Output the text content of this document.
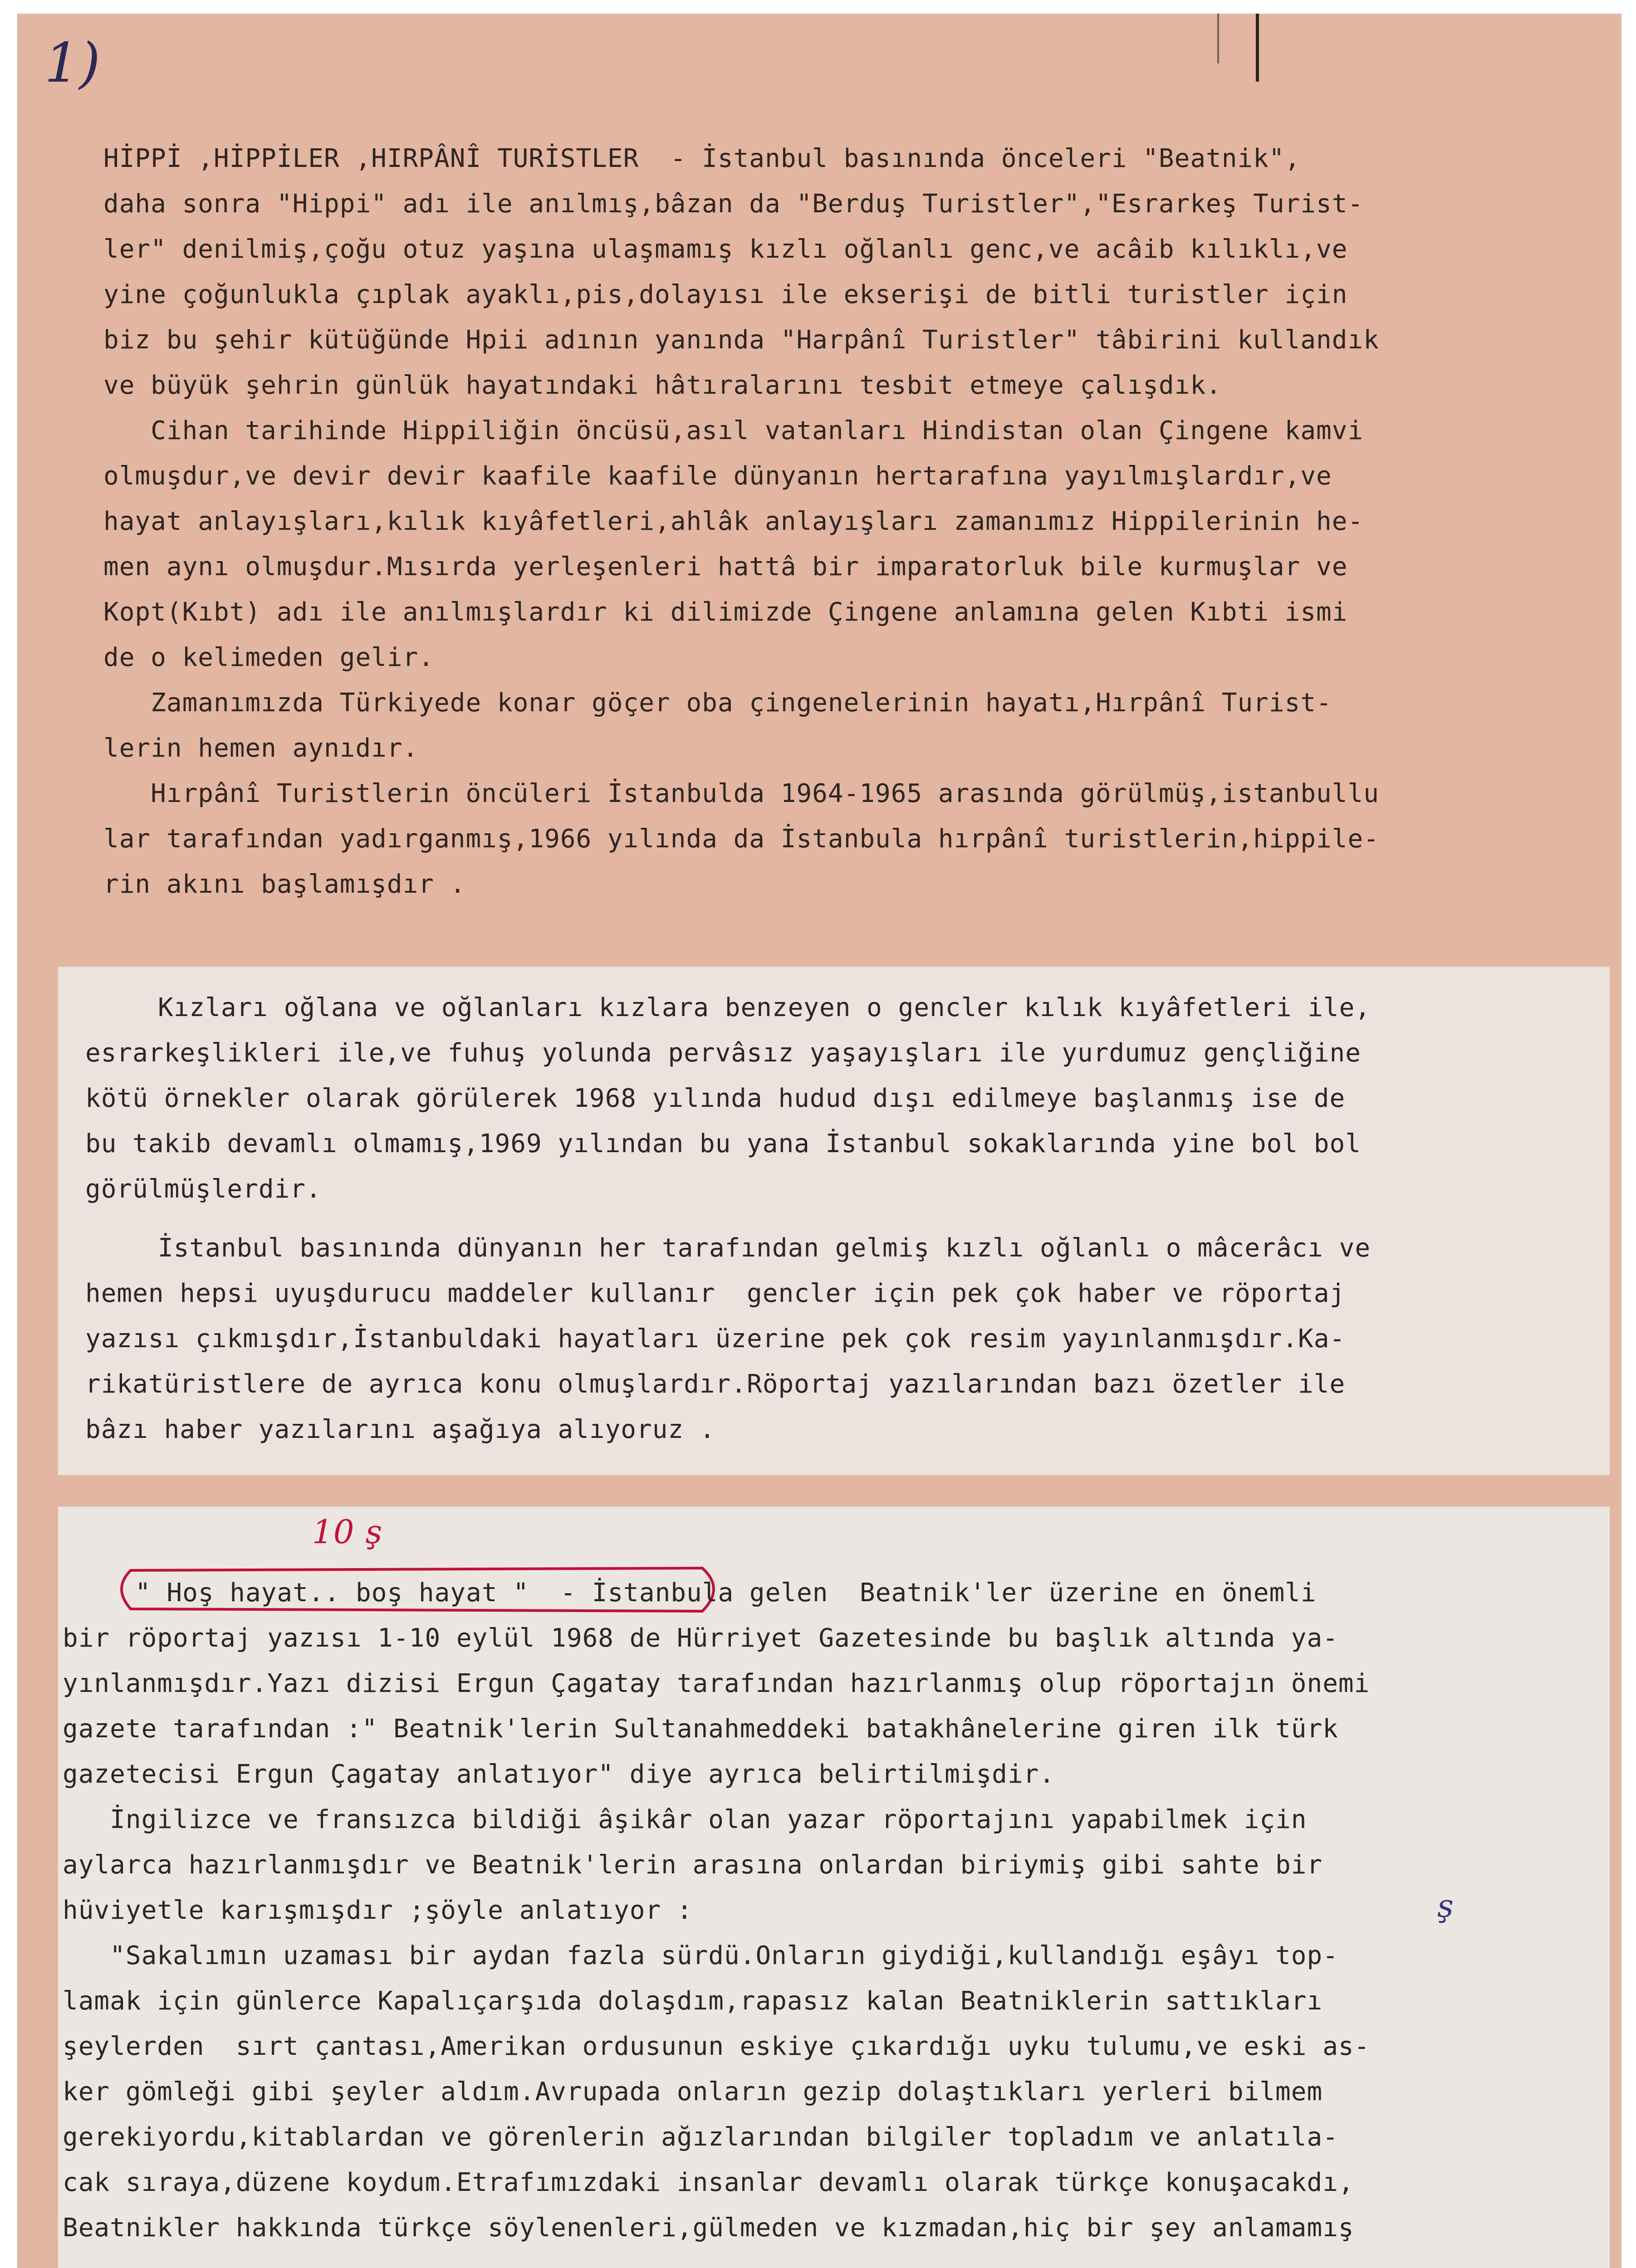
1)

HİPPİ ,HİPPİLER ,HIRPÂNÎ TURİSTLER  - İstanbul basınında önceleri "Beatnik",

daha sonra "Hippi" adı ile anılmış,bâzan da "Berduş Turistler","Esrarkeş Turist-

ler" denilmiş,çoğu otuz yaşına ulaşmamış kızlı oğlanlı genc,ve acâib kılıklı,ve

yine çoğunlukla çıplak ayaklı,pis,dolayısı ile ekserişi de bitli turistler için

biz bu şehir kütüğünde Hpii adının yanında "Harpânî Turistler" tâbirini kullandık

ve büyük şehrin günlük hayatındaki hâtıralarını tesbit etmeye çalışdık.

Cihan tarihinde Hippiliğin öncüsü,asıl vatanları Hindistan olan Çingene kamvi

olmuşdur,ve devir devir kaafile kaafile dünyanın hertarafına yayılmışlardır,ve

hayat anlayışları,kılık kıyâfetleri,ahlâk anlayışları zamanımız Hippilerinin he-

men aynı olmuşdur.Mısırda yerleşenleri hattâ bir imparatorluk bile kurmuşlar ve

Kopt(Kıbt) adı ile anılmışlardır ki dilimizde Çingene anlamına gelen Kıbti ismi

de o kelimeden gelir.

Zamanımızda Türkiyede konar göçer oba çingenelerinin hayatı,Hırpânî Turist-

lerin hemen aynıdır.

Hırpânî Turistlerin öncüleri İstanbulda 1964-1965 arasında görülmüş,istanbullu

lar tarafından yadırganmış,1966 yılında da İstanbula hırpânî turistlerin,hippile-

rin akını başlamışdır .

Kızları oğlana ve oğlanları kızlara benzeyen o gencler kılık kıyâfetleri ile,

esrarkeşlikleri ile,ve fuhuş yolunda pervâsız yaşayışları ile yurdumuz gençliğine

kötü örnekler olarak görülerek 1968 yılında hudud dışı edilmeye başlanmış ise de

bu takib devamlı olmamış,1969 yılından bu yana İstanbul sokaklarında yine bol bol

görülmüşlerdir.

İstanbul basınında dünyanın her tarafından gelmiş kızlı oğlanlı o mâcerâcı ve

hemen hepsi uyuşdurucu maddeler kullanır  gencler için pek çok haber ve röportaj

yazısı çıkmışdır,İstanbuldaki hayatları üzerine pek çok resim yayınlanmışdır.Ka-

rikatüristlere de ayrıca konu olmuşlardır.Röportaj yazılarından bazı özetler ile

bâzı haber yazılarını aşağıya alıyoruz .

10 ş
ş

" Hoş hayat.. boş hayat "  - İstanbula gelen  Beatnik'ler üzerine en önemli

bir röportaj yazısı 1-10 eylül 1968 de Hürriyet Gazetesinde bu başlık altında ya-

yınlanmışdır.Yazı dizisi Ergun Çagatay tarafından hazırlanmış olup röportajın önemi

gazete tarafından :" Beatnik'lerin Sultanahmeddeki batakhânelerine giren ilk türk

gazetecisi Ergun Çagatay anlatıyor" diye ayrıca belirtilmişdir.

İngilizce ve fransızca bildiği âşikâr olan yazar röportajını yapabilmek için

aylarca hazırlanmışdır ve Beatnik'lerin arasına onlardan biriymiş gibi sahte bir

hüviyetle karışmışdır ;şöyle anlatıyor :

"Sakalımın uzaması bir aydan fazla sürdü.Onların giydiği,kullandığı eşâyı top-

lamak için günlerce Kapalıçarşıda dolaşdım,rapasız kalan Beatniklerin sattıkları

şeylerden  sırt çantası,Amerikan ordusunun eskiye çıkardığı uyku tulumu,ve eski as-

ker gömleği gibi şeyler aldım.Avrupada onların gezip dolaştıkları yerleri bilmem

gerekiyordu,kitablardan ve görenlerin ağızlarından bilgiler topladım ve anlatıla-

cak sıraya,düzene koydum.Etrafımızdaki insanlar devamlı olarak türkçe konuşacakdı,

Beatnikler hakkında türkçe söylenenleri,gülmeden ve kızmadan,hiç bir şey anlamamış
